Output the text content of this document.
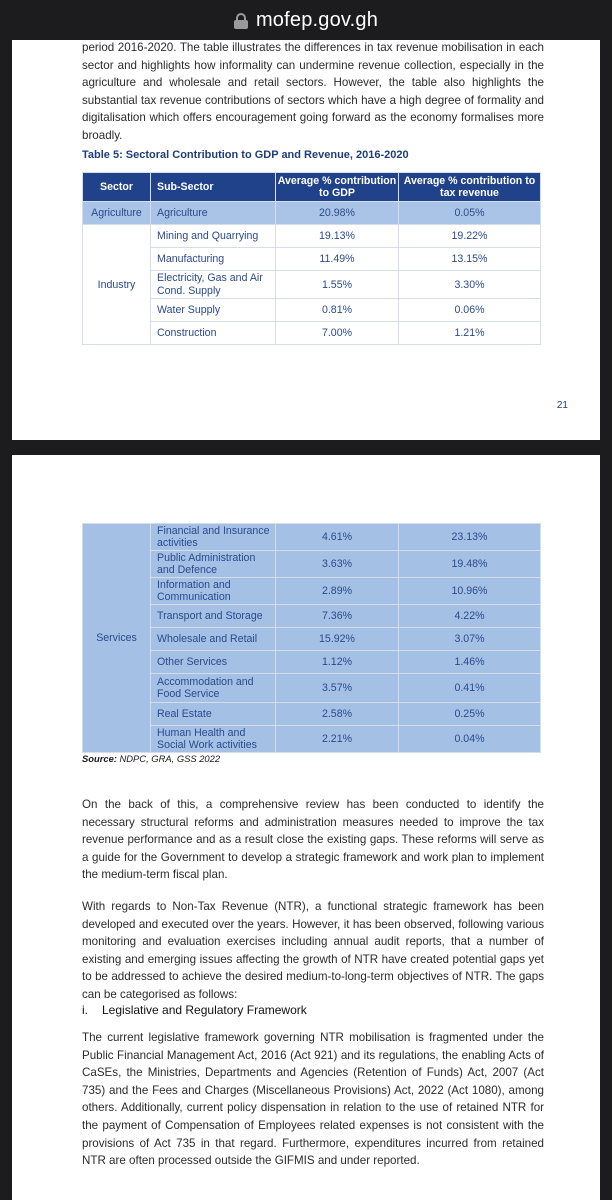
mofep.gov.gh

period 2016-2020. The table illustrates the differences in tax revenue mobilisation in each sector and highlights how informality can undermine revenue collection, especially in the agriculture and wholesale and retail sectors. However, the table also highlights the substantial tax revenue contributions of sectors which have a high degree of formality and digitalisation which offers encouragement going forward as the economy formalises more broadly.

Table 5: Sectoral Contribution to GDP and Revenue, 2016-2020
Sector	Sub-Sector	Average % contribution to GDP	Average % contribution to tax revenue
Agriculture	Agriculture	20.98%	0.05%
Industry	Mining and Quarrying	19.13%	19.22%
	Manufacturing	11.49%	13.15%
	Electricity, Gas and Air Cond. Supply	1.55%	3.30%
	Water Supply	0.81%	0.06%
	Construction	7.00%	1.21%
21
Services	Financial and Insurance activities	4.61%	23.13%
	Public Administration and Defence	3.63%	19.48%
	Information and Communication	2.89%	10.96%
	Transport and Storage	7.36%	4.22%
	Wholesale and Retail	15.92%	3.07%
	Other Services	1.12%	1.46%
	Accommodation and Food Service	3.57%	0.41%
	Real Estate	2.58%	0.25%
	Human Health and Social Work activities	2.21%	0.04%
Source: NDPC, GRA, GSS 2022

On the back of this, a comprehensive review has been conducted to identify the necessary structural reforms and administration measures needed to improve the tax revenue performance and as a result close the existing gaps. These reforms will serve as a guide for the Government to develop a strategic framework and work plan to implement the medium-term fiscal plan.

With regards to Non-Tax Revenue (NTR), a functional strategic framework has been developed and executed over the years. However, it has been observed, following various monitoring and evaluation exercises including annual audit reports, that a number of existing and emerging issues affecting the growth of NTR have created potential gaps yet to be addressed to achieve the desired medium-to-long-term objectives of NTR. The gaps can be categorised as follows:

i. Legislative and Regulatory Framework

The current legislative framework governing NTR mobilisation is fragmented under the Public Financial Management Act, 2016 (Act 921) and its regulations, the enabling Acts of CaSEs, the Ministries, Departments and Agencies (Retention of Funds) Act, 2007 (Act 735) and the Fees and Charges (Miscellaneous Provisions) Act, 2022 (Act 1080), among others. Additionally, current policy dispensation in relation to the use of retained NTR for the payment of Compensation of Employees related expenses is not consistent with the provisions of Act 735 in that regard. Furthermore, expenditures incurred from retained NTR are often processed outside the GIFMIS and under reported.
